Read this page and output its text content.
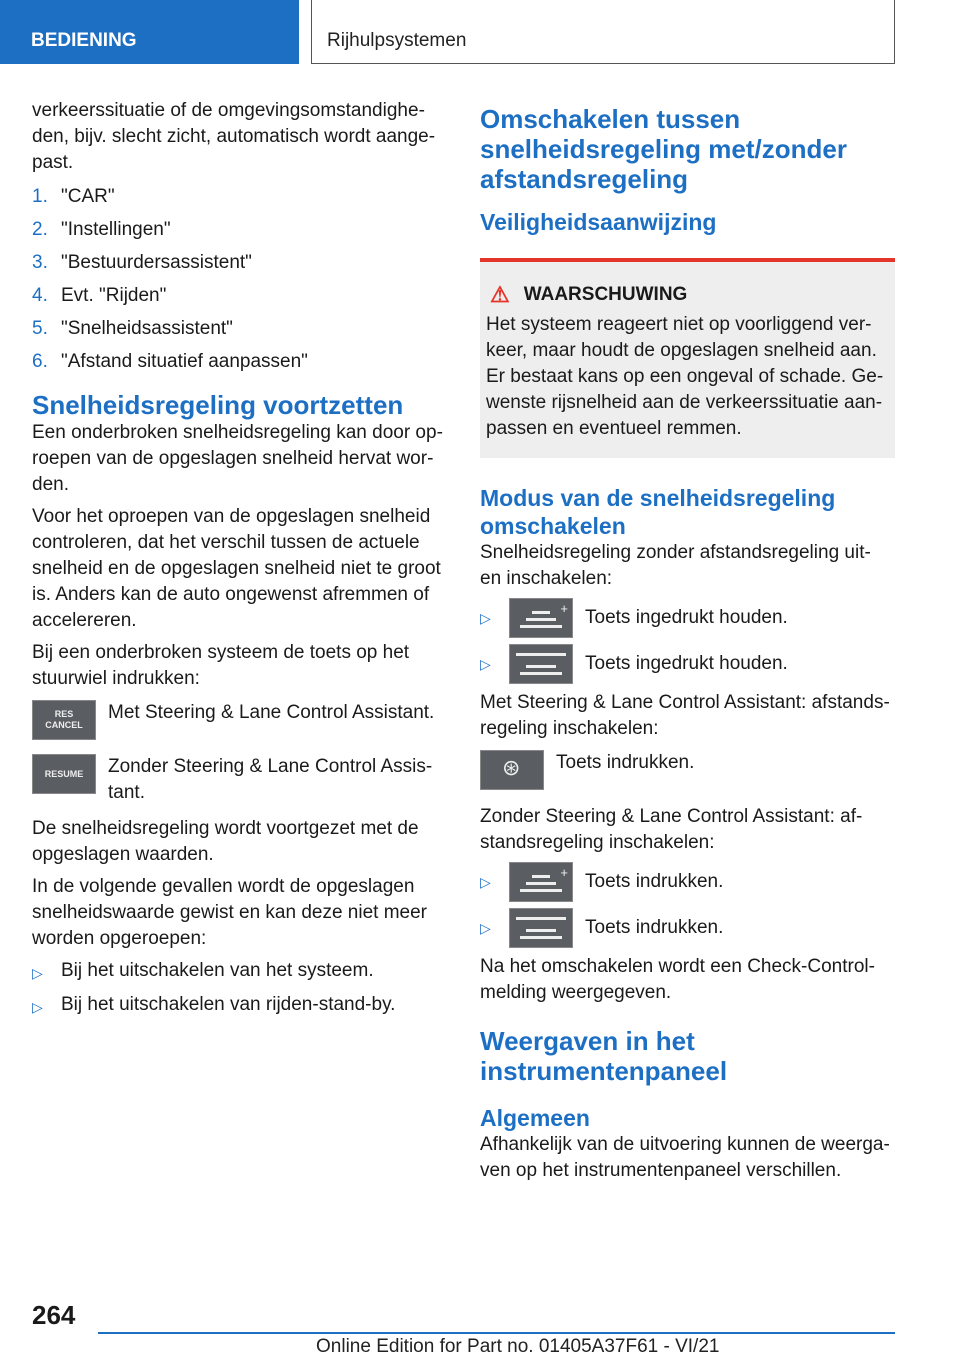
BEDIENING	Rijhulpsystemen

verkeerssituatie of de omgevingsomstandigheden, bijv. slecht zicht, automatisch wordt aangepast.

1. "CAR"
2. "Instellingen"
3. "Bestuurdersassistent"
4. Evt. "Rijden"
5. "Snelheidsassistent"
6. "Afstand situatief aanpassen"
Snelheidsregeling voortzetten

Een onderbroken snelheidsregeling kan door oproepen van de opgeslagen snelheid hervat worden.

Voor het oproepen van de opgeslagen snelheid controleren, dat het verschil tussen de actuele snelheid en de opgeslagen snelheid niet te groot is. Anders kan de auto ongewenst afremmen of accelereren.

Bij een onderbroken systeem de toets op het stuurwiel indrukken:

RES
CANCEL
Met Steering & Lane Control Assistant.
RESUME Zonder Steering & Lane Control Assistant.

De snelheidsregeling wordt voortgezet met de opgeslagen waarden.

In de volgende gevallen wordt de opgeslagen snelheidswaarde gewist en kan deze niet meer worden opgeroepen:

▷ Bij het uitschakelen van het systeem.
▷ Bij het uitschakelen van rijden-stand-by.
Omschakelen tussen snelheidsregeling met/zonder afstandsregeling
Veiligheidsaanwijzing
⚠ WAARSCHUWING
Het systeem reageert niet op voorliggend verkeer, maar houdt de opgeslagen snelheid aan. Er bestaat kans op een ongeval of schade. Gewenste rijsnelheid aan de verkeerssituatie aanpassen en eventueel remmen.
Modus van de snelheidsregeling omschakelen

Snelheidsregeling zonder afstandsregeling uit- en inschakelen:

▷
+ Toets ingedrukt houden.
▷	Toets ingedrukt houden.

Met Steering & Lane Control Assistant: afstandsregeling inschakelen:

⊛ Toets indrukken.

Zonder Steering & Lane Control Assistant: afstandsregeling inschakelen:

▷
+ Toets indrukken.
▷	Toets indrukken.

Na het omschakelen wordt een Check-Control-melding weergegeven.

Weergaven in het instrumentenpaneel
Algemeen

Afhankelijk van de uitvoering kunnen de weergaven op het instrumentenpaneel verschillen.

264
Online Edition for Part no. 01405A37F61 - VI/21
